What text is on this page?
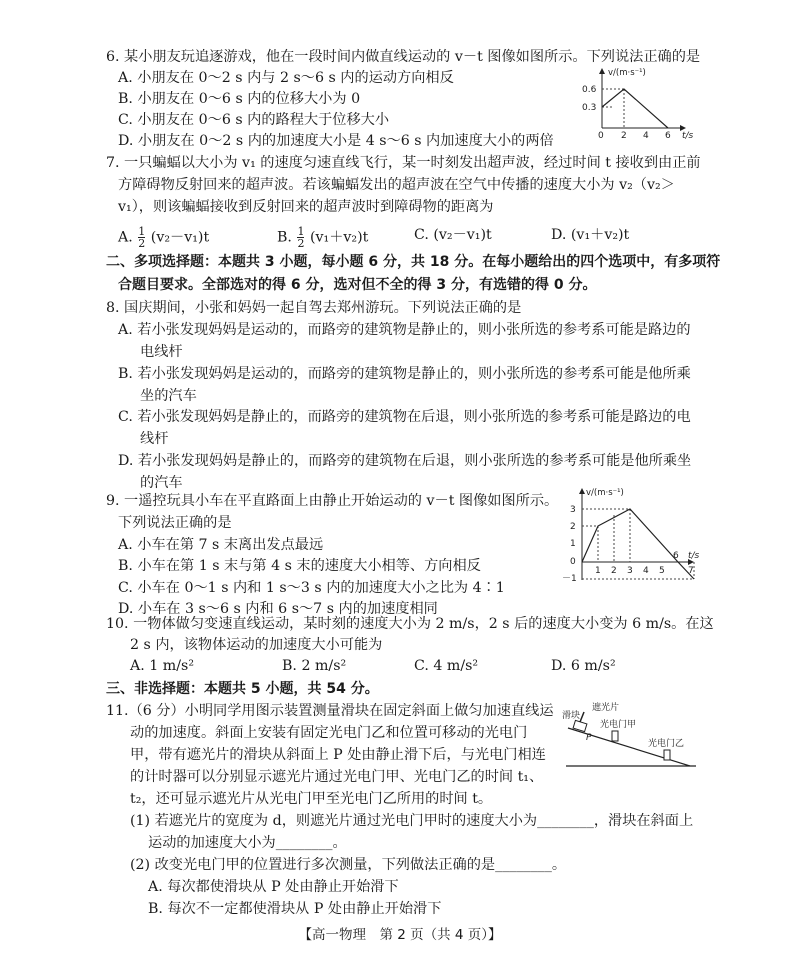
6. 某小朋友玩追逐游戏，他在一段时间内做直线运动的 v－t 图像如图所示。下列说法正确的是
A. 小朋友在 0～2 s 内与 2 s～6 s 内的运动方向相反
B. 小朋友在 0～6 s 内的位移大小为 0
C. 小朋友在 0～6 s 内的路程大于位移大小
D. 小朋友在 0～2 s 内的加速度大小是 4 s～6 s 内加速度大小的两倍
v/(m·s⁻¹)
0.6
0.3
0 2 4 6 t/s
7. 一只蝙蝠以大小为 v₁ 的速度匀速直线飞行，某一时刻发出超声波，经过时间 t 接收到由正前
方障碍物反射回来的超声波。若该蝙蝠发出的超声波在空气中传播的速度大小为 v₂（v₂＞
v₁），则该蝙蝠接收到反射回来的超声波时到障碍物的距离为
A. $\frac{1}{2} (v_2-v_1)t$	B. $\frac{1}{2} (v_1+v_2)t$	C. (v₂－v₁)t	D. (v₁＋v₂)t
二、多项选择题：本题共 3 小题，每小题 6 分，共 18 分。在每小题给出的四个选项中，有多项符
合题目要求。全部选对的得 6 分，选对但不全的得 3 分，有选错的得 0 分。
8. 国庆期间，小张和妈妈一起自驾去郑州游玩。下列说法正确的是
A. 若小张发现妈妈是运动的，而路旁的建筑物是静止的，则小张所选的参考系可能是路边的
电线杆
B. 若小张发现妈妈是运动的，而路旁的建筑物是静止的，则小张所选的参考系可能是他所乘
坐的汽车
C. 若小张发现妈妈是静止的，而路旁的建筑物在后退，则小张所选的参考系可能是路边的电
线杆
D. 若小张发现妈妈是静止的，而路旁的建筑物在后退，则小张所选的参考系可能是他所乘坐
的汽车
9. 一遥控玩具小车在平直路面上由静止开始运动的 v－t 图像如图所示。
下列说法正确的是
A. 小车在第 7 s 末离出发点最远
B. 小车在第 1 s 末与第 4 s 末的速度大小相等、方向相反
C. 小车在 0～1 s 内和 1 s～3 s 内的加速度大小之比为 4∶1
D. 小车在 3 s～6 s 内和 6 s～7 s 内的加速度相同
v/(m·s⁻¹)
3
2
1
0
－1
1 2 3 4 5
6
7
t/s
10. 一物体做匀变速直线运动，某时刻的速度大小为 2 m/s，2 s 后的速度大小变为 6 m/s。在这
2 s 内，该物体运动的加速度大小可能为
A. 1 m/s²	B. 2 m/s²	C. 4 m/s²	D. 6 m/s²
三、非选择题：本题共 5 小题，共 54 分。
11.（6 分）小明同学用图示装置测量滑块在固定斜面上做匀加速直线运
动的加速度。斜面上安装有固定光电门乙和位置可移动的光电门
甲，带有遮光片的滑块从斜面上 P 处由静止滑下后，与光电门相连
的计时器可以分别显示遮光片通过光电门甲、光电门乙的时间 t₁、
t₂，还可显示遮光片从光电门甲至光电门乙所用的时间 t。
(1) 若遮光片的宽度为 d，则遮光片通过光电门甲时的速度大小为________，滑块在斜面上
运动的加速度大小为________。
(2) 改变光电门甲的位置进行多次测量，下列做法正确的是________。
A. 每次都使滑块从 P 处由静止开始滑下
B. 每次不一定都使滑块从 P 处由静止开始滑下
遮光片
滑块
光电门甲
光电门乙
P
【高一物理　第 2 页（共 4 页）】
